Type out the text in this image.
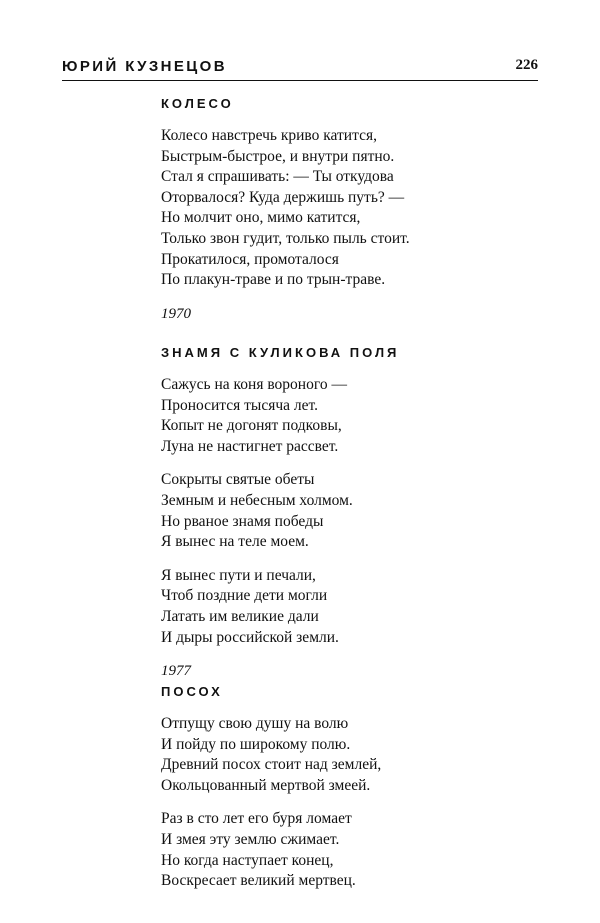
ЮРИЙ КУЗНЕЦОВ	226
КОЛЕСО
Колесо навстречь криво катится,
Быстрым-быстрое, и внутри пятно.
Стал я спрашивать: — Ты откудова
Оторвалося? Куда держишь путь? —
Но молчит оно, мимо катится,
Только звон гудит, только пыль стоит.
Прокатилося, промоталося
По плакун-траве и по трын-траве.
1970
ЗНАМЯ С КУЛИКОВА ПОЛЯ
Сажусь на коня вороного —
Проносится тысяча лет.
Копыт не догонят подковы,
Луна не настигнет рассвет.
Сокрыты святые обеты
Земным и небесным холмом.
Но рваное знамя победы
Я вынес на теле моем.
Я вынес пути и печали,
Чтоб поздние дети могли
Латать им великие дали
И дыры российской земли.
1977
ПОСОХ
Отпущу свою душу на волю
И пойду по широкому полю.
Древний посох стоит над землей,
Окольцованный мертвой змеей.
Раз в сто лет его буря ломает
И змея эту землю сжимает.
Но когда наступает конец,
Воскресает великий мертвец.
